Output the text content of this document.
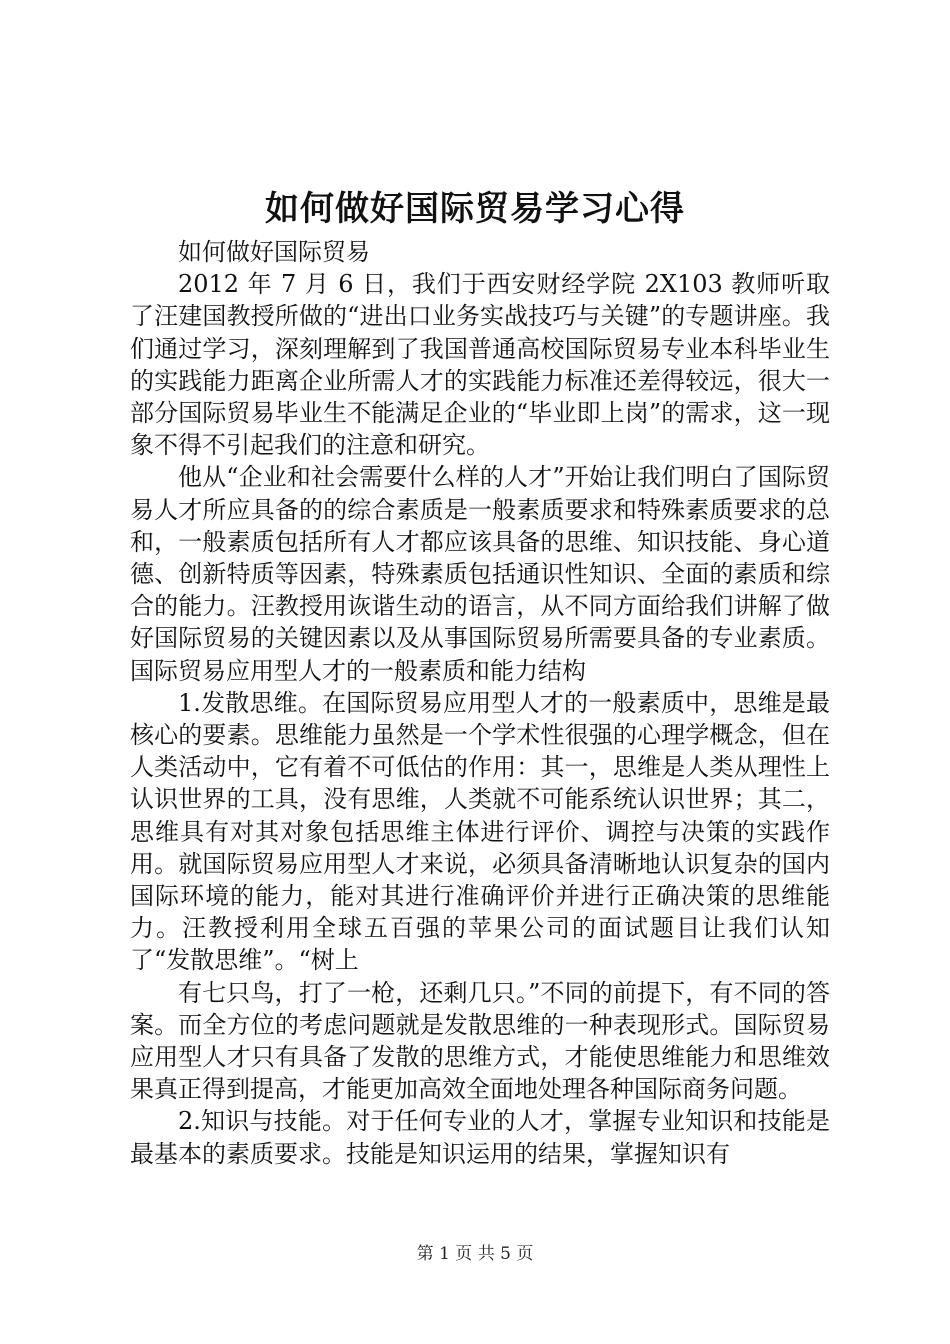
如何做好国际贸易学习心得

如何做好国际贸易

2012 年 7 月 6 日，我们于西安财经学院 2X103 教师听取了汪建国教授所做的“进出口业务实战技巧与关键”的专题讲座。我们通过学习，深刻理解到了我国普通高校国际贸易专业本科毕业生的实践能力距离企业所需人才的实践能力标准还差得较远，很大一部分国际贸易毕业生不能满足企业的“毕业即上岗”的需求，这一现象不得不引起我们的注意和研究。

他从“企业和社会需要什么样的人才”开始让我们明白了国际贸易人才所应具备的的综合素质是一般素质要求和特殊素质要求的总和，一般素质包括所有人才都应该具备的思维、知识技能、身心道德、创新特质等因素，特殊素质包括通识性知识、全面的素质和综合的能力。汪教授用诙谐生动的语言，从不同方面给我们讲解了做好国际贸易的关键因素以及从事国际贸易所需要具备的专业素质。国际贸易应用型人才的一般素质和能力结构

1.发散思维。在国际贸易应用型人才的一般素质中，思维是最核心的要素。思维能力虽然是一个学术性很强的心理学概念，但在人类活动中，它有着不可低估的作用：其一，思维是人类从理性上认识世界的工具，没有思维，人类就不可能系统认识世界；其二，思维具有对其对象包括思维主体进行评价、调控与决策的实践作用。就国际贸易应用型人才来说，必须具备清晰地认识复杂的国内国际环境的能力，能对其进行准确评价并进行正确决策的思维能力。汪教授利用全球五百强的苹果公司的面试题目让我们认知了“发散思维”。“树上

有七只鸟，打了一枪，还剩几只。”不同的前提下，有不同的答案。而全方位的考虑问题就是发散思维的一种表现形式。国际贸易应用型人才只有具备了发散的思维方式，才能使思维能力和思维效果真正得到提高，才能更加高效全面地处理各种国际商务问题。

2.知识与技能。对于任何专业的人才，掌握专业知识和技能是最基本的素质要求。技能是知识运用的结果，掌握知识有

第 1 页 共 5 页
